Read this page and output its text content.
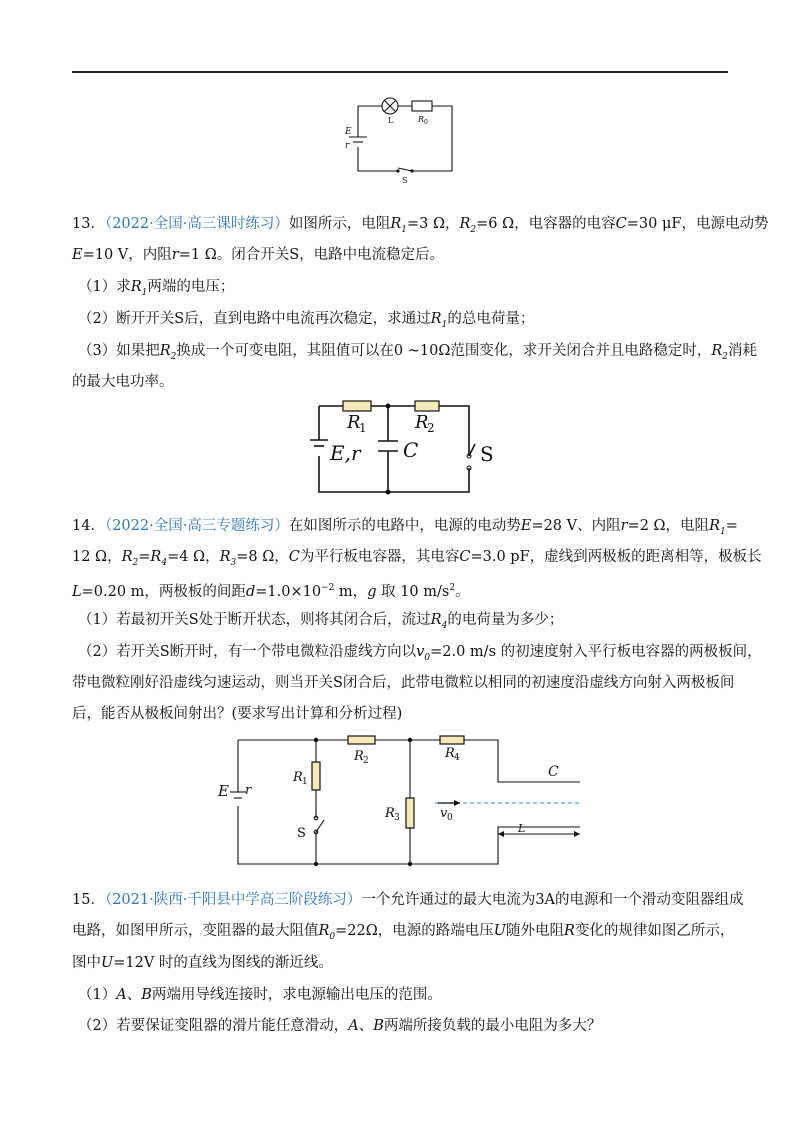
E
r
L	R 0
S
13．（2022·全国·高三课时练习）如图所示，电阻$R_1=3$ Ω，$R_2=6$ Ω，电容器的电容C=30 μF，电源电动势
E=10 V，内阻r=1 Ω。闭合开关S，电路中电流稳定后。
（1）求$R_1$两端的电压；
（2）断开开关S后，直到电路中电流再次稳定，求通过$R_1$的总电荷量；
（3）如果把$R_2$换成一个可变电阻，其阻值可以在0 ~10Ω范围变化，求开关闭合并且电路稳定时，$R_2$消耗
的最大电功率。
R
1	R
2
E,r C	S
14．（2022·全国·高三专题练习）在如图所示的电路中，电源的电动势E=28 V、内阻r=2 Ω，电阻$R_1=$
12 Ω，$R_2=R_4=4$ Ω，$R_3=8$ Ω，C为平行板电容器，其电容C=3.0 pF，虚线到两极板的距离相等，极板长
L=0.20 m，两极板的间距$d=1.0\times 10^{-2}$ m，g 取 10 $m/s^2$。
（1）若最初开关S处于断开状态，则将其闭合后，流过$R_4$的电荷量为多少；
（2）若开关S断开时，有一个带电微粒沿虚线方向以$v_0=2.0$ m/s 的初速度射入平行板电容器的两极板间，
带电微粒刚好沿虚线匀速运动，则当开关S闭合后，此带电微粒以相同的初速度沿虚线方向射入两极板间
后，能否从极板间射出？(要求写出计算和分析过程)
E r
R 1
R 2
R 3
R 4
C
v 0
L
S
15．（2021·陕西·千阳县中学高三阶段练习）一个允许通过的最大电流为3A的电源和一个滑动变阻器组成
电路，如图甲所示，变阻器的最大阻值$R_0=22\Omega$，电源的路端电压U随外电阻R变化的规律如图乙所示，
图中U=12V 时的直线为图线的渐近线。
（1）A、B两端用导线连接时，求电源输出电压的范围。
（2）若要保证变阻器的滑片能任意滑动，A、B两端所接负载的最小电阻为多大？
